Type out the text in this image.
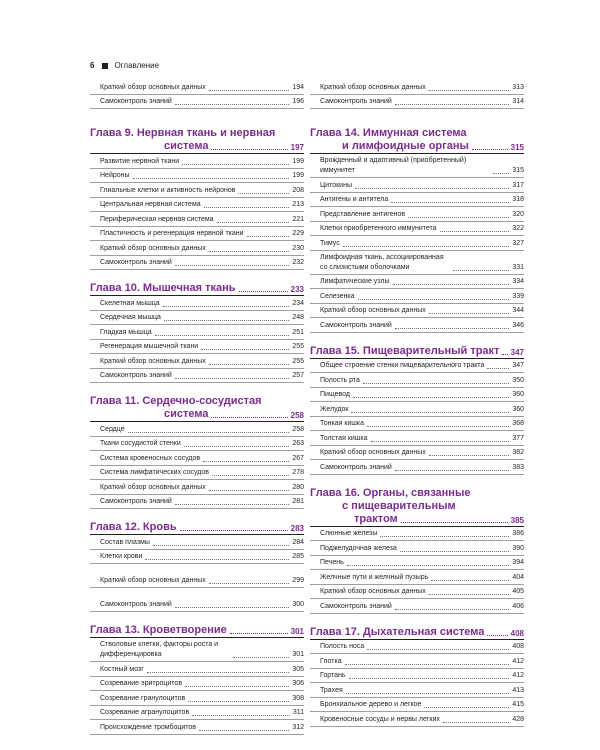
6	Оглавление
Краткий обзор основных данных	194
Самоконтроль знаний	196
Глава 9. Нервная ткань и нервная
система	197
Развитие нервной ткани	199
Нейроны	199
Глиальные клетки и активность нейронов	208
Центральная нервная система	213
Периферическая нервная система	221
Пластичность и регенерация нервной ткани	229
Краткий обзор основных данных	230
Самоконтроль знаний	232
Глава 10. Мышечная ткань	233
Скелетная мышца	234
Сердечная мышца	248
Гладкая мышца	251
Регенерация мышечной ткани	255
Краткий обзор основных данных	255
Самоконтроль знаний	257
Глава 11. Сердечно-сосудистая
система	258
Сердце	258
Ткани сосудистой стенки	263
Система кровеносных сосудов	267
Система лимфатических сосудов	278
Краткий обзор основных данных	280
Самоконтроль знаний	281
Глава 12. Кровь	283
Состав плазмы	284
Клетки крови	285
Краткий обзор основных данных	299
Самоконтроль знаний	300
Глава 13. Кроветворение	301
Стволовые клетки, факторы роста и дифференцировка	301
Костный мозг	305
Созревание эритроцитов	306
Созревание гранулоцитов	308
Созревание агранулоцитов	311
Происхождение тромбоцитов	312
Краткий обзор основных данных	313
Самоконтроль знаний	314
Глава 14. Иммунная система
и лимфоидные органы	315
Врожденный и адаптивный (приобретенный) иммунитет	315
Цитокины	317
Антигены и антитела	318
Представление антигенов	320
Клетки приобретенного иммунитета	322
Тимус	327
Лимфоидная ткань, ассоциированная со слизистыми оболочками	331
Лимфатические узлы	334
Селезенка	339
Краткий обзор основных данных	344
Самоконтроль знаний	346
Глава 15. Пищеварительный тракт 347
Общее строение стенки пищеварительного тракта	347
Полость рта	350
Пищевод	360
Желудок	360
Тонкая кишка	368
Толстая кишка	377
Краткий обзор основных данных	382
Самоконтроль знаний	383
Глава 16. Органы, связанные
с пищеварительным
трактом	385
Слюнные железы	386
Поджелудочная железа	390
Печень	394
Желчные пути и желчный пузырь	404
Краткий обзор основных данных	405
Самоконтроль знаний	406
Глава 17. Дыхательная система	408
Полость носа	408
Глотка	412
Гортань	412
Трахея	413
Бронхиальное дерево и легкое	415
Кровеносные сосуды и нервы легких	428
